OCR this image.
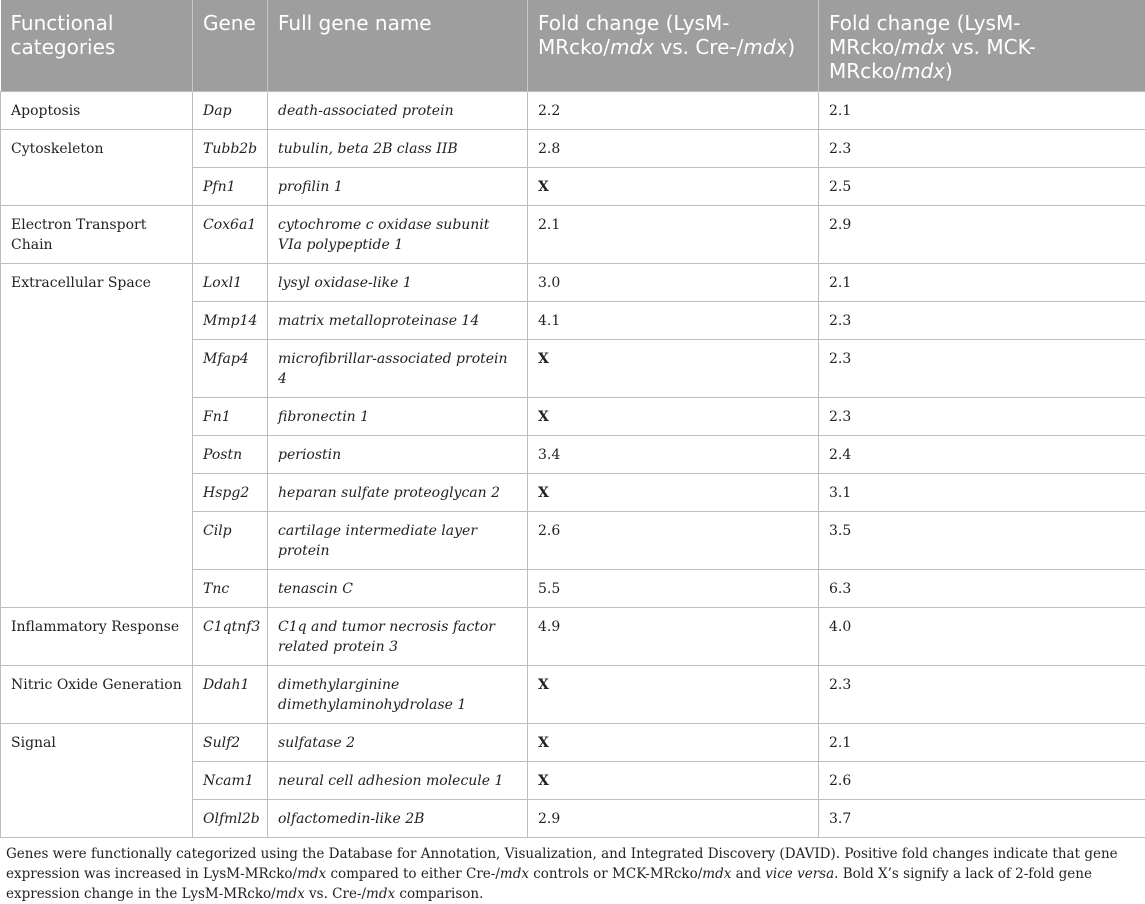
Functional categories	Gene	Full gene name	Fold change (LysM-MRcko/mdx vs. Cre-/mdx)	Fold change (LysM-MRcko/mdx vs. MCK-MRcko/mdx)
Apoptosis	Dap	death-associated protein	2.2	2.1
Cytoskeleton	Tubb2b	tubulin, beta 2B class IIB	2.8	2.3
	Pfn1	profilin 1	X	2.5
Electron Transport Chain	Cox6a1	cytochrome c oxidase subunit VIa polypeptide 1	2.1	2.9
Extracellular Space	Loxl1	lysyl oxidase-like 1	3.0	2.1
	Mmp14	matrix metalloproteinase 14	4.1	2.3
	Mfap4	microfibrillar-associated protein 4	X	2.3
	Fn1	fibronectin 1	X	2.3
	Postn	periostin	3.4	2.4
	Hspg2	heparan sulfate proteoglycan 2	X	3.1
	Cilp	cartilage intermediate layer protein	2.6	3.5
	Tnc	tenascin C	5.5	6.3
Inflammatory Response	C1qtnf3	C1q and tumor necrosis factor related protein 3	4.9	4.0
Nitric Oxide Generation	Ddah1	dimethylarginine dimethylaminohydrolase 1	X	2.3
Signal	Sulf2	sulfatase 2	X	2.1
	Ncam1	neural cell adhesion molecule 1	X	2.6
	Olfml2b	olfactomedin-like 2B	2.9	3.7
Genes were functionally categorized using the Database for Annotation, Visualization, and Integrated Discovery (DAVID). Positive fold changes indicate that gene expression was increased in LysM-MRcko/mdx compared to either Cre-/mdx controls or MCK-MRcko/mdx and vice versa. Bold X’s signify a lack of 2-fold gene expression change in the LysM-MRcko/mdx vs. Cre-/mdx comparison.
